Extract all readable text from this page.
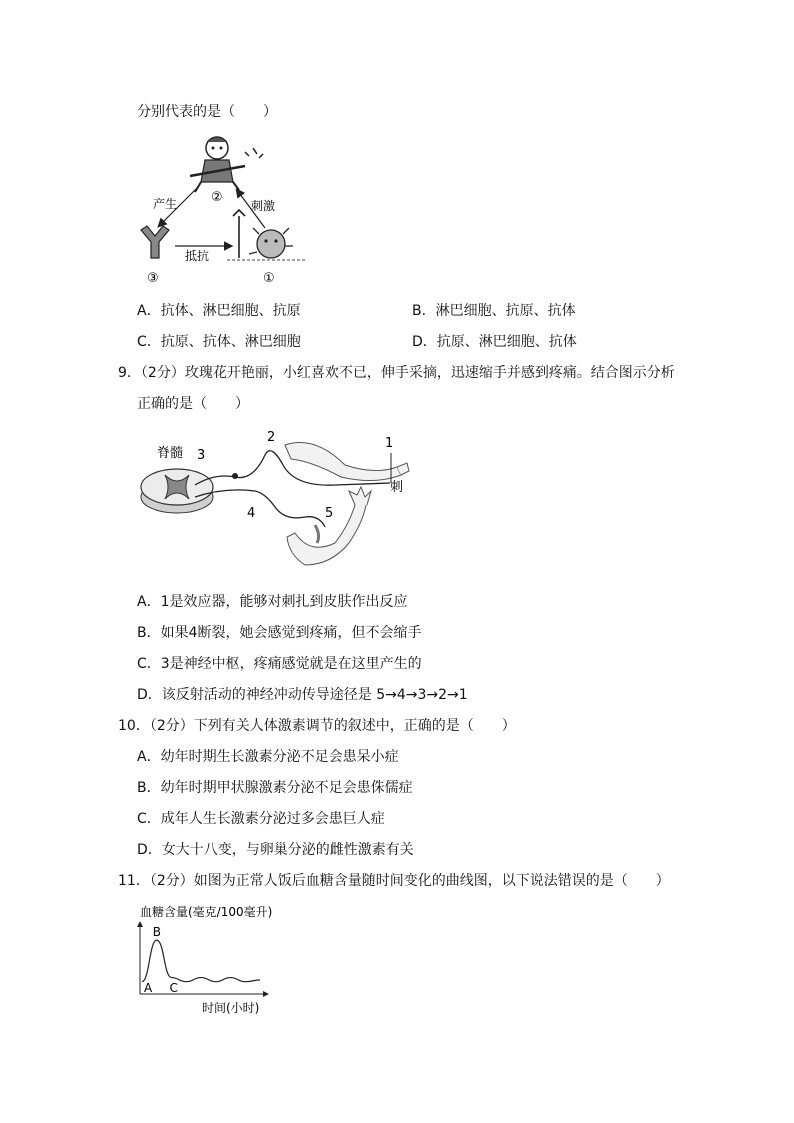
分别代表的是（　　）
②
③	①
产生	刺激
抵抗
A．抗体、淋巴细胞、抗原	B．淋巴细胞、抗原、抗体
C．抗原、抗体、淋巴细胞	D．抗原、淋巴细胞、抗体
9．（2分）玫瑰花开艳丽，小红喜欢不已，伸手采摘，迅速缩手并感到疼痛。结合图示分析
正确的是（　　）
脊髓 3
2
4
1
刺
5
A．1是效应器，能够对刺扎到皮肤作出反应
B．如果4断裂，她会感觉到疼痛，但不会缩手
C．3是神经中枢，疼痛感觉就是在这里产生的
D．该反射活动的神经冲动传导途径是 5→4→3→2→1
10．（2分）下列有关人体激素调节的叙述中，正确的是（　　）
A．幼年时期生长激素分泌不足会患呆小症
B．幼年时期甲状腺激素分泌不足会患侏儒症
C．成年人生长激素分泌过多会患巨人症
D．女大十八变，与卵巢分泌的雌性激素有关
11．（2分）如图为正常人饭后血糖含量随时间变化的曲线图，以下说法错误的是（　　）
血糖含量(毫克/100毫升)
A
B
C
时间(小时)
